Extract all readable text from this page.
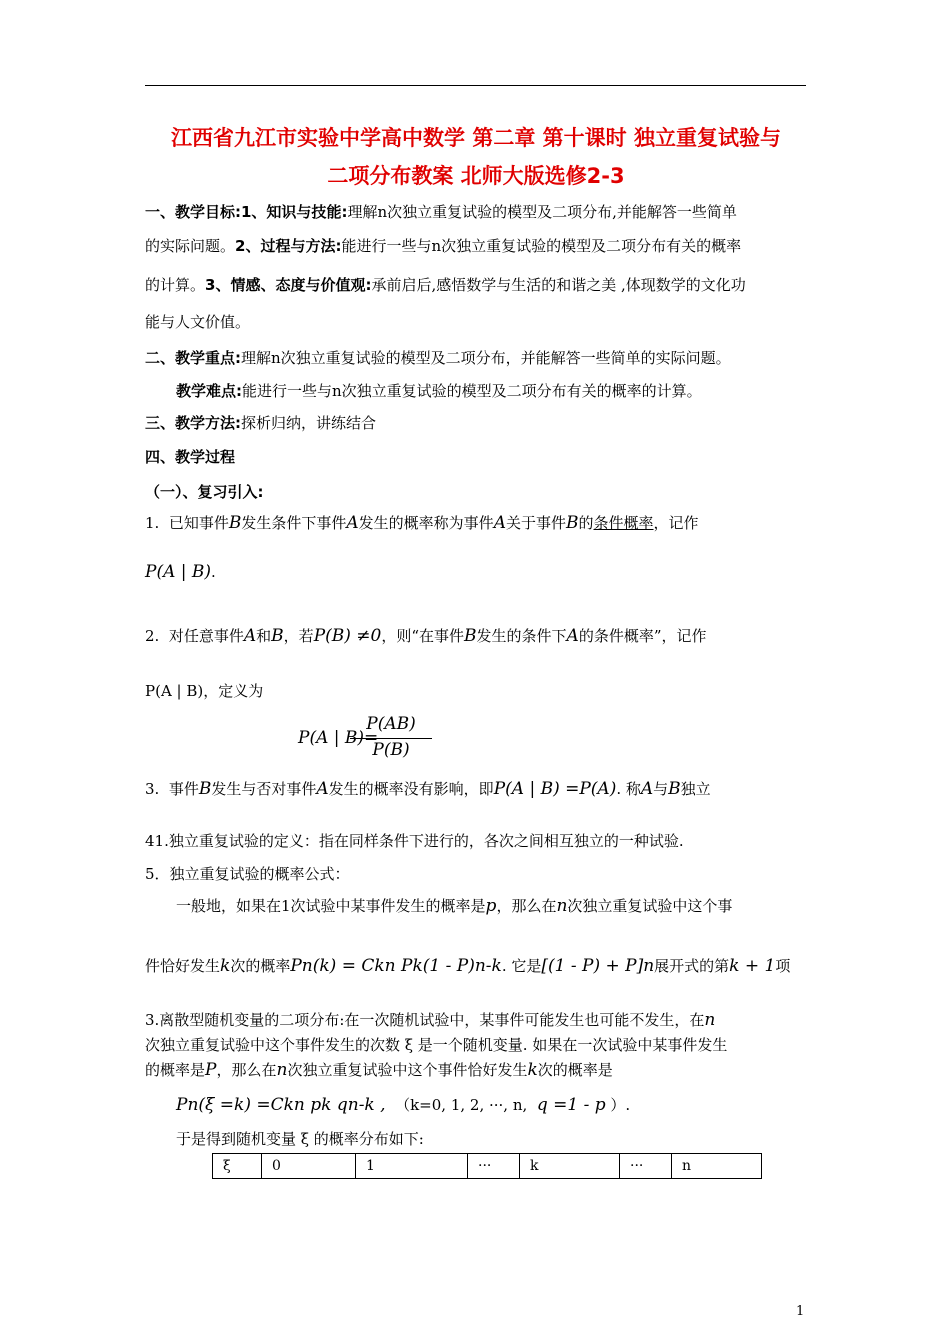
江西省九江市实验中学高中数学 第二章 第十课时 独立重复试验与
二项分布教案 北师大版选修2-3
一、教学目标:1、知识与技能:理解n次独立重复试验的模型及二项分布,并能解答一些简单
的实际问题。2、过程与方法:能进行一些与n次独立重复试验的模型及二项分布有关的概率
的计算。3、情感、态度与价值观:承前启后,感悟数学与生活的和谐之美 ,体现数学的文化功
能与人文价值。
二、教学重点:理解n次独立重复试验的模型及二项分布，并能解答一些简单的实际问题。
教学难点:能进行一些与n次独立重复试验的模型及二项分布有关的概率的计算。
三、教学方法:探析归纳，讲练结合
四、教学过程
（一）、复习引入:
1. 已知事件B发生条件下事件A发生的概率称为事件A关于事件B的条件概率，记作
P(A | B).
2. 对任意事件A和B，若P(B) ≠0，则“在事件B发生的条件下A的条件概率”，记作
P(A | B)，定义为
P(A | B)=
P(AB)
P(B)
3. 事件B发生与否对事件A发生的概率没有影响，即P(A | B) =P(A). 称A与B独立
41.独立重复试验的定义：指在同样条件下进行的，各次之间相互独立的一种试验.
5．独立重复试验的概率公式：
一般地，如果在1次试验中某事件发生的概率是p，那么在n次独立重复试验中这个事
件恰好发生k次的概率Pn(k) = Ckn Pk(1 - P)n-k. 它是[(1 - P) + P]n展开式的第k + 1项
3.离散型随机变量的二项分布:在一次随机试验中，某事件可能发生也可能不发生，在n
次独立重复试验中这个事件发生的次数 ξ 是一个随机变量. 如果在一次试验中某事件发生
的概率是P，那么在n次独立重复试验中这个事件恰好发生k次的概率是
Pn(ξ =k) =Ckn pk qn-k , （k=0, 1, 2, ···, n, q =1 - p ）.
于是得到随机变量 ξ 的概率分布如下:
ξ	0	1	···	k	···	n
1
